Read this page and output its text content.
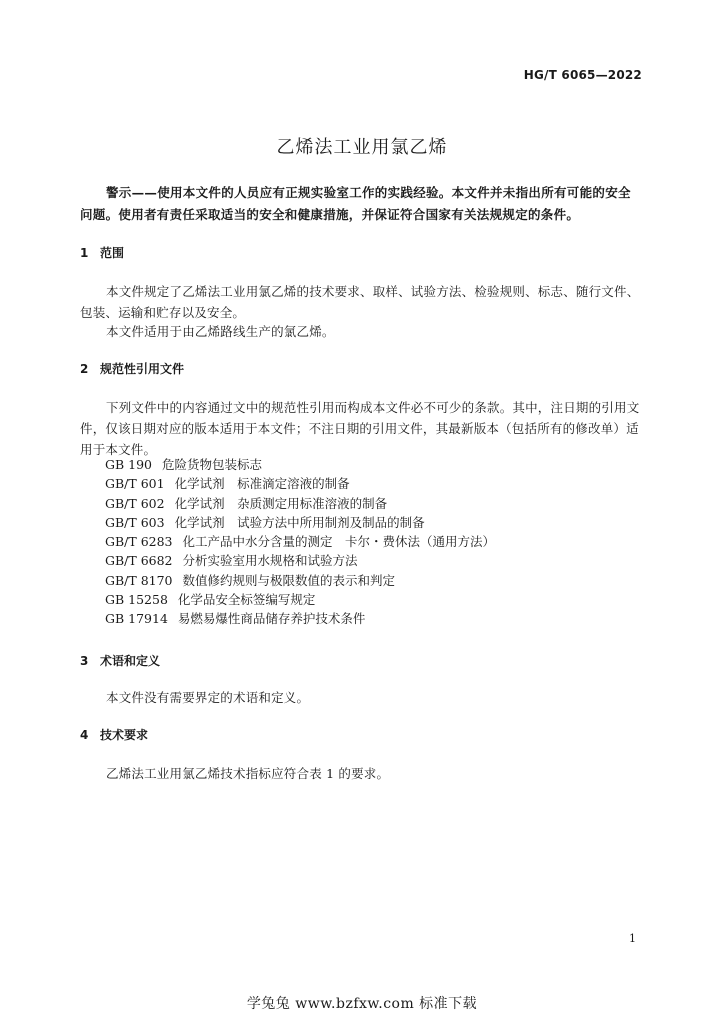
HG/T 6065—2022
乙烯法工业用氯乙烯
警示——使用本文件的人员应有正规实验室工作的实践经验。本文件并未指出所有可能的安全问题。使用者有责任采取适当的安全和健康措施，并保证符合国家有关法规规定的条件。
1 范围
本文件规定了乙烯法工业用氯乙烯的技术要求、取样、试验方法、检验规则、标志、随行文件、包装、运输和贮存以及安全。
本文件适用于由乙烯路线生产的氯乙烯。
2 规范性引用文件
下列文件中的内容通过文中的规范性引用而构成本文件必不可少的条款。其中，注日期的引用文件，仅该日期对应的版本适用于本文件；不注日期的引用文件，其最新版本（包括所有的修改单）适用于本文件。
GB 190 危险货物包装标志
GB/T 601 化学试剂　标准滴定溶液的制备
GB/T 602 化学试剂　杂质测定用标准溶液的制备
GB/T 603 化学试剂　试验方法中所用制剂及制品的制备
GB/T 6283 化工产品中水分含量的测定　卡尔・费休法（通用方法）
GB/T 6682 分析实验室用水规格和试验方法
GB/T 8170 数值修约规则与极限数值的表示和判定
GB 15258 化学品安全标签编写规定
GB 17914 易燃易爆性商品储存养护技术条件
3 术语和定义
本文件没有需要界定的术语和定义。
4 技术要求
乙烯法工业用氯乙烯技术指标应符合表 1 的要求。
1
学兔兔 www.bzfxw.com 标准下载
